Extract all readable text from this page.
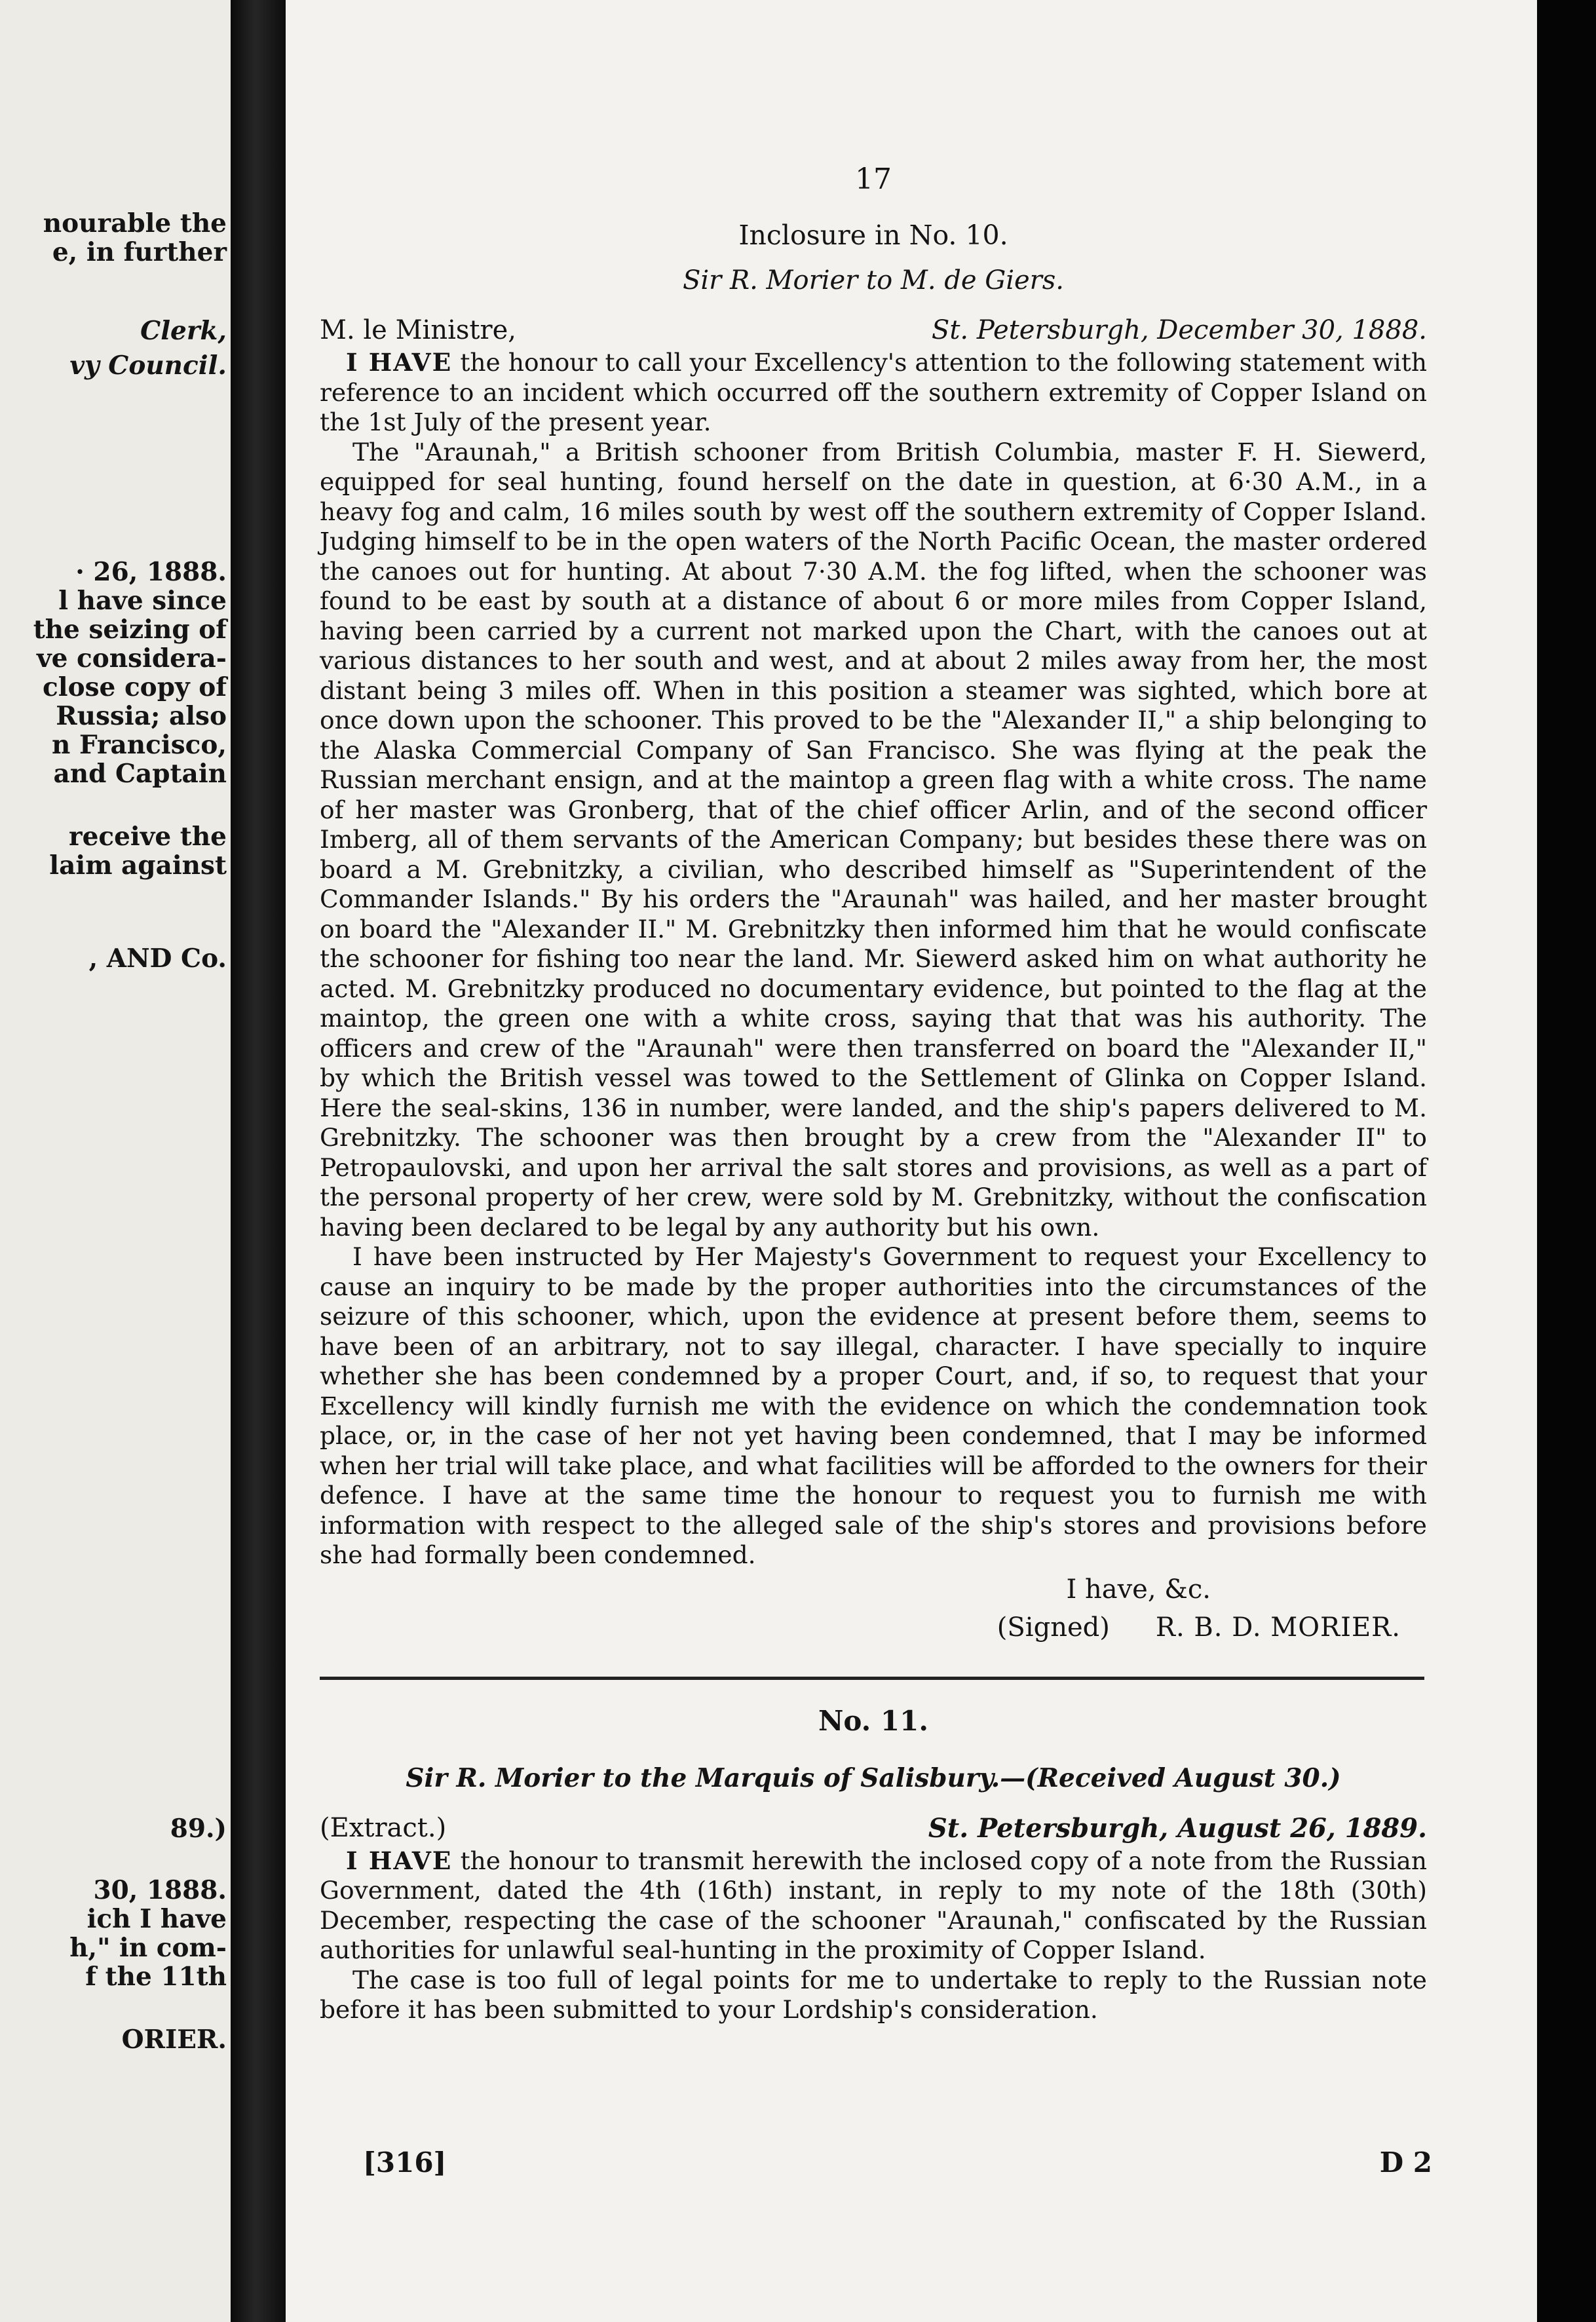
nourable the
e, in further
Clerk,
vy Council.
· 26, 1888.
l have since
the seizing of
ve considera-
close copy of
Russia; also
n Francisco,
and Captain
receive the
laim against
, AND Co.
89.)
30, 1888.
ich I have
h," in com-
f the 11th
ORIER.
17
Inclosure in No. 10.
Sir R. Morier to M. de Giers.
M. le Ministre,	St. Petersburgh, December 30, 1888.

I HAVE the honour to call your Excellency's attention to the following statement with reference to an incident which occurred off the southern extremity of Copper Island on the 1st July of the present year.

The "Araunah," a British schooner from British Columbia, master F. H. Siewerd, equipped for seal hunting, found herself on the date in question, at 6·30 A.M., in a heavy fog and calm, 16 miles south by west off the southern extremity of Copper Island. Judging himself to be in the open waters of the North Pacific Ocean, the master ordered the canoes out for hunting. At about 7·30 A.M. the fog lifted, when the schooner was found to be east by south at a distance of about 6 or more miles from Copper Island, having been carried by a current not marked upon the Chart, with the canoes out at various distances to her south and west, and at about 2 miles away from her, the most distant being 3 miles off. When in this position a steamer was sighted, which bore at once down upon the schooner. This proved to be the "Alexander II," a ship belonging to the Alaska Commercial Company of San Francisco. She was flying at the peak the Russian merchant ensign, and at the maintop a green flag with a white cross. The name of her master was Gronberg, that of the chief officer Arlin, and of the second officer Imberg, all of them servants of the American Company; but besides these there was on board a M. Grebnitzky, a civilian, who described himself as "Superintendent of the Commander Islands." By his orders the "Araunah" was hailed, and her master brought on board the "Alexander II." M. Grebnitzky then informed him that he would confiscate the schooner for fishing too near the land. Mr. Siewerd asked him on what authority he acted. M. Grebnitzky produced no documentary evidence, but pointed to the flag at the maintop, the green one with a white cross, saying that that was his authority. The officers and crew of the "Araunah" were then transferred on board the "Alexander II," by which the British vessel was towed to the Settlement of Glinka on Copper Island. Here the seal-skins, 136 in number, were landed, and the ship's papers delivered to M. Grebnitzky. The schooner was then brought by a crew from the "Alexander II" to Petropaulovski, and upon her arrival the salt stores and provisions, as well as a part of the personal property of her crew, were sold by M. Grebnitzky, without the confiscation having been declared to be legal by any authority but his own.

I have been instructed by Her Majesty's Government to request your Excellency to cause an inquiry to be made by the proper authorities into the circumstances of the seizure of this schooner, which, upon the evidence at present before them, seems to have been of an arbitrary, not to say illegal, character. I have specially to inquire whether she has been condemned by a proper Court, and, if so, to request that your Excellency will kindly furnish me with the evidence on which the condemnation took place, or, in the case of her not yet having been condemned, that I may be informed when her trial will take place, and what facilities will be afforded to the owners for their defence. I have at the same time the honour to request you to furnish me with information with respect to the alleged sale of the ship's stores and provisions before she had formally been condemned.

I have, &c.
(Signed) R. B. D. MORIER.
No. 11.
Sir R. Morier to the Marquis of Salisbury.—(Received August 30.)
(Extract.)	St. Petersburgh, August 26, 1889.

I HAVE the honour to transmit herewith the inclosed copy of a note from the Russian Government, dated the 4th (16th) instant, in reply to my note of the 18th (30th) December, respecting the case of the schooner "Araunah," confiscated by the Russian authorities for unlawful seal-hunting in the proximity of Copper Island.

The case is too full of legal points for me to undertake to reply to the Russian note before it has been submitted to your Lordship's consideration.

[316]	D 2
